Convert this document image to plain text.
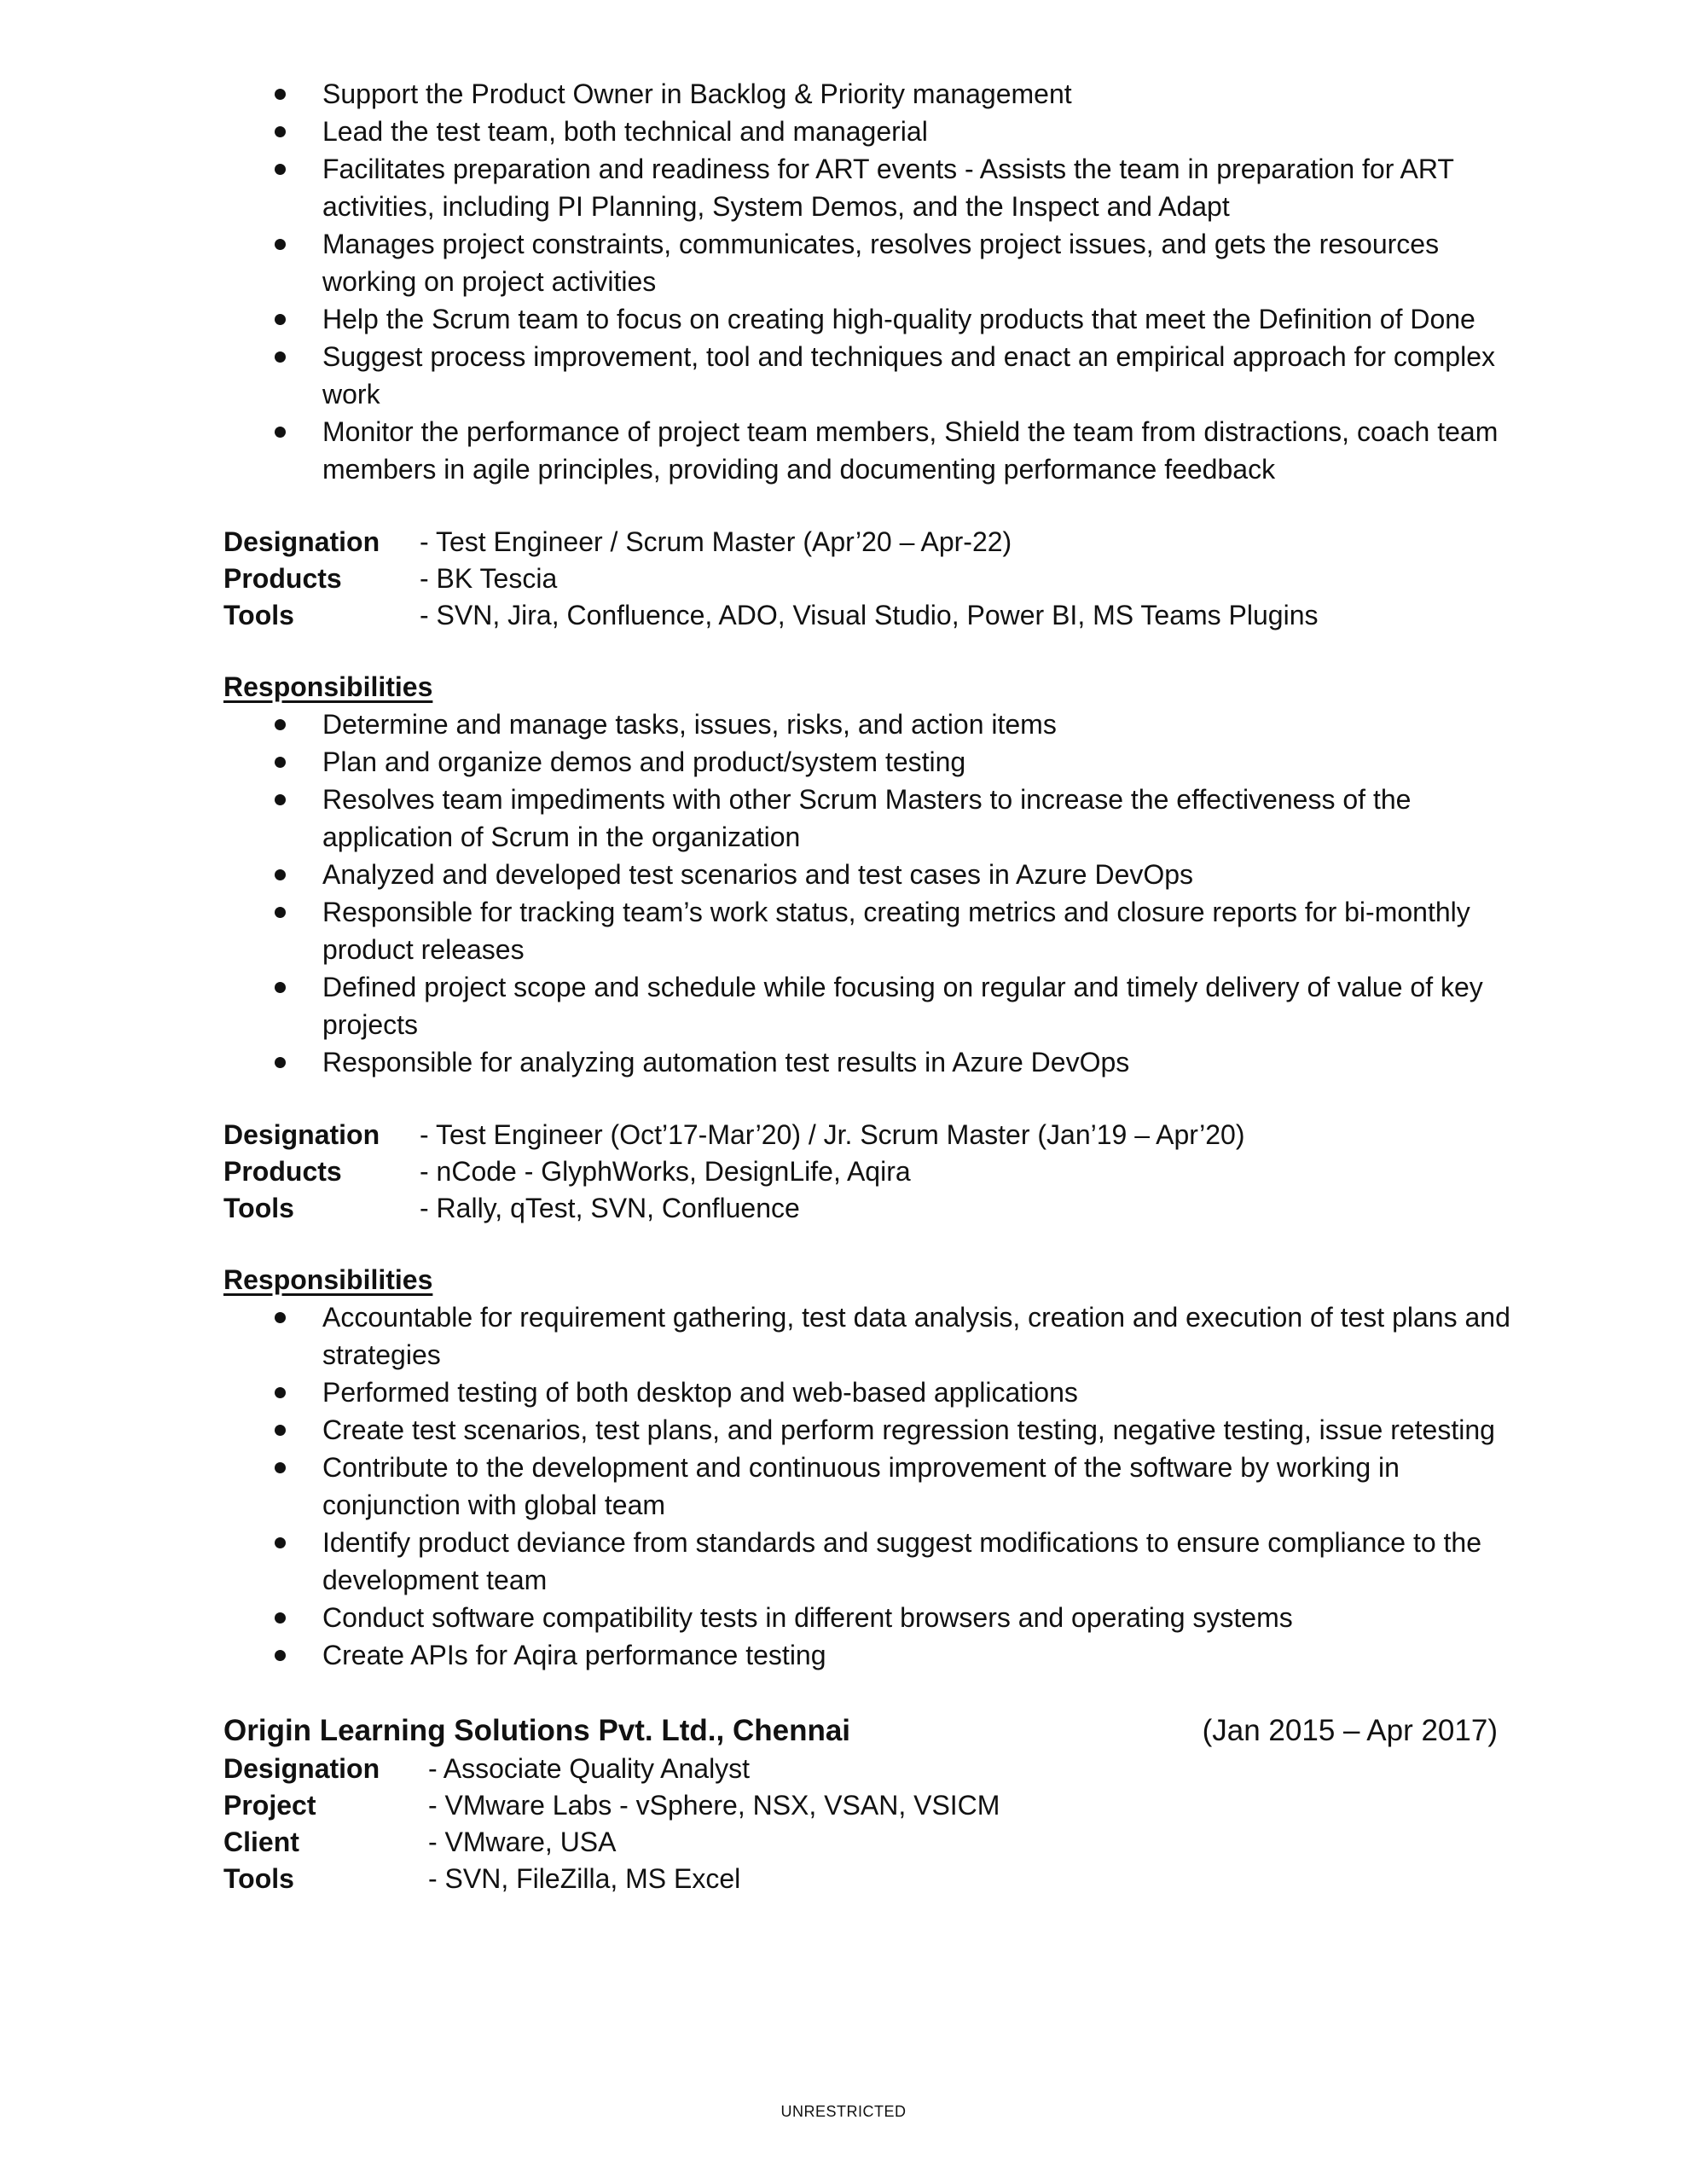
Support the Product Owner in Backlog & Priority management
Lead the test team, both technical and managerial
Facilitates preparation and readiness for ART events - Assists the team in preparation for ART activities, including PI Planning, System Demos, and the Inspect and Adapt
Manages project constraints, communicates, resolves project issues, and gets the resources working on project activities
Help the Scrum team to focus on creating high-quality products that meet the Definition of Done
Suggest process improvement, tool and techniques and enact an empirical approach for complex work
Monitor the performance of project team members, Shield the team from distractions, coach team members in agile principles, providing and documenting performance feedback
Designation	- Test Engineer / Scrum Master (Apr’20 – Apr-22)
Products	- BK Tescia
Tools	- SVN, Jira, Confluence, ADO, Visual Studio, Power BI, MS Teams Plugins

Responsibilities

Determine and manage tasks, issues, risks, and action items
Plan and organize demos and product/system testing
Resolves team impediments with other Scrum Masters to increase the effectiveness of the application of Scrum in the organization
Analyzed and developed test scenarios and test cases in Azure DevOps
Responsible for tracking team’s work status, creating metrics and closure reports for bi-monthly product releases
Defined project scope and schedule while focusing on regular and timely delivery of value of key projects
Responsible for analyzing automation test results in Azure DevOps
Designation	- Test Engineer (Oct’17-Mar’20) / Jr. Scrum Master (Jan’19 – Apr’20)
Products	- nCode - GlyphWorks, DesignLife, Aqira
Tools	- Rally, qTest, SVN, Confluence

Responsibilities

Accountable for requirement gathering, test data analysis, creation and execution of test plans and strategies
Performed testing of both desktop and web-based applications
Create test scenarios, test plans, and perform regression testing, negative testing, issue retesting
Contribute to the development and continuous improvement of the software by working in conjunction with global team
Identify product deviance from standards and suggest modifications to ensure compliance to the development team
Conduct software compatibility tests in different browsers and operating systems
Create APIs for Aqira performance testing
Origin Learning Solutions Pvt. Ltd., Chennai	(Jan 2015 – Apr 2017)
Designation	- Associate Quality Analyst
Project	- VMware Labs - vSphere, NSX, VSAN, VSICM
Client	- VMware, USA
Tools	- SVN, FileZilla, MS Excel
UNRESTRICTED
